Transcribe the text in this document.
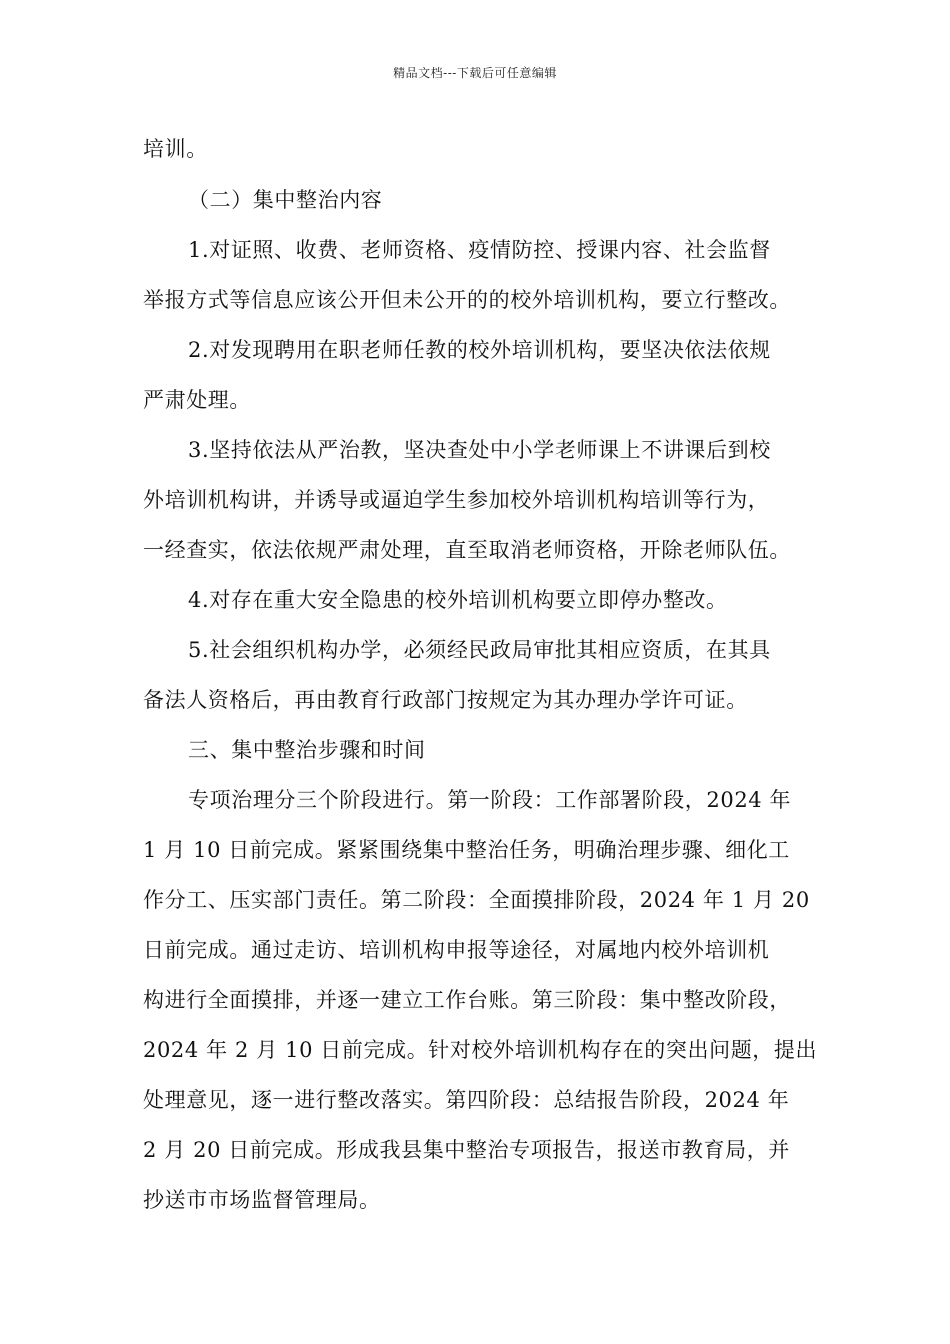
精品文档---下载后可任意编辑
培训。
（二）集中整治内容
1.对证照、收费、老师资格、疫情防控、授课内容、社会监督
举报方式等信息应该公开但未公开的的校外培训机构，要立行整改。
2.对发现聘用在职老师任教的校外培训机构，要坚决依法依规
严肃处理。
3.坚持依法从严治教，坚决查处中小学老师课上不讲课后到校
外培训机构讲，并诱导或逼迫学生参加校外培训机构培训等行为，
一经查实，依法依规严肃处理，直至取消老师资格，开除老师队伍。
4.对存在重大安全隐患的校外培训机构要立即停办整改。
5.社会组织机构办学，必须经民政局审批其相应资质，在其具
备法人资格后，再由教育行政部门按规定为其办理办学许可证。
三、集中整治步骤和时间
专项治理分三个阶段进行。第一阶段：工作部署阶段，2024 年
1 月 10 日前完成。紧紧围绕集中整治任务，明确治理步骤、细化工
作分工、压实部门责任。第二阶段：全面摸排阶段，2024 年 1 月 20
日前完成。通过走访、培训机构申报等途径，对属地内校外培训机
构进行全面摸排，并逐一建立工作台账。第三阶段：集中整改阶段，
2024 年 2 月 10 日前完成。针对校外培训机构存在的突出问题，提出
处理意见，逐一进行整改落实。第四阶段：总结报告阶段，2024 年
2 月 20 日前完成。形成我县集中整治专项报告，报送市教育局，并
抄送市市场监督管理局。
